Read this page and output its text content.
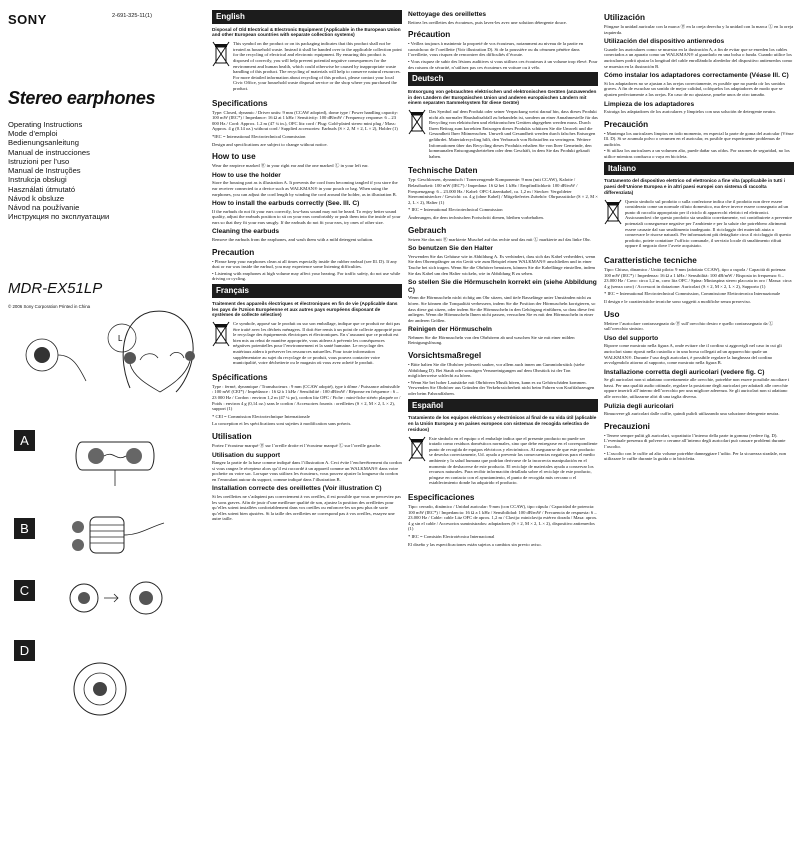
SONY
Stereo earphones
Operating Instructions
Mode d’emploi
Bedienungsanleitung
Manual de instrucciones
Istruzioni per l’uso
Manual de Instruções
Instrukcja obsługi
Használati útmutató
Návod k obsluze
Návod na používanie
Инструкция по эксплуатации
MDR-EX51LP
© 2006 Sony Corporation Printed in China
2-691-325-11(1)
L
A
B
C
D
English
Disposal of Old Electrical & Electronic Equipment (Applicable in the European Union and other European countries with separate collection systems)
This symbol on the product or on its packaging indicates that this product shall not be treated as household waste. Instead it shall be handed over to the applicable collection point for the recycling of electrical and electronic equipment. By ensuring this product is disposed of correctly, you will help prevent potential negative consequences for the environment and human health, which could otherwise be caused by inappropriate waste handling of this product. The recycling of materials will help to conserve natural resources. For more detailed information about recycling of this product, please contact your local Civic Office, your household waste disposal service or the shop where you purchased the product.
Specifications
Type: Closed, dynamic / Driver units: 9 mm (CCAW adopted), dome type / Power handling capacity: 100 mW (IEC*) / Impedance: 16 Ω at 1 kHz / Sensitivity: 100 dB/mW / Frequency response: 6 – 23 000 Hz / Cord: Approx. 1.2 m (47 ¼ in.), OFC litz cord / Plug: Gold-plated stereo mini plug / Mass: Approx. 4 g (0.14 oz.) without cord / Supplied accessories: Earbuds (S × 2, M × 2, L × 2), Holder (1)
*IEC = International Electrotechnical Commission
Design and specifications are subject to change without notice.
How to use
Wear the earpiece marked Ⓡ in your right ear and the one marked Ⓛ in your left ear.
How to use the holder
Store the housing part as is illustration A. It prevents the cord from becoming tangled if you store the ear receiver connected to a device such as WALKMAN® in your pouch or bag. When using the earphones, you can adjust the cord length by winding the cord around the holder, as in illustration B.
How to install the earbuds correctly (See. Ill. C)
If the earbuds do not fit your ears correctly, low-bass sound may not be heard. To enjoy better sound quality, adjust the earbuds position to sit on your ears comfortably or push them into the inside of your ears so that they fit your ears snugly. If the earbuds do not fit your ears, try ones of other size.
Cleaning the earbuds
Remove the earbuds from the earphones, and wash them with a mild detergent solution.
Precaution
• Please keep your earphones clean at all times especially inside the rubber earbud (see Ill. D). If any dust or ear wax inside the earbud, you may experience some listening difficulties.
• Listening with earphones at high volume may affect your hearing. For traffic safety, do not use while driving or cycling.
Français
Traitement des appareils électriques et électroniques en fin de vie (Applicable dans les pays de l’Union Européenne et aux autres pays européens disposant de systèmes de collecte sélective)
Ce symbole, apposé sur le produit ou sur son emballage, indique que ce produit ne doit pas être traité avec les déchets ménagers. Il doit être remis à un point de collecte approprié pour le recyclage des équipements électriques et électroniques. En s’assurant que ce produit est bien mis au rebut de manière appropriée, vous aiderez à prévenir les conséquences négatives potentielles pour l’environnement et la santé humaine. Le recyclage des matériaux aidera à préserver les ressources naturelles. Pour toute information supplémentaire au sujet du recyclage de ce produit, vous pouvez contacter votre municipalité, votre déchetterie ou le magasin où vous avez acheté le produit.
Spécifications
Type : fermé, dynamique / Transducteurs : 9 mm (CCAW adopté), type à dôme / Puissance admissible : 100 mW (CEI*) / Impédance : 16 Ω à 1 kHz / Sensibilité : 100 dB/mW / Réponse en fréquence : 6 – 23 000 Hz / Cordon : environ 1,2 m (47 ¼ po), cordon litz OFC / Fiche : mini-fiche stéréo plaquée or / Poids : environ 4 g (0,14 oz.) sans le cordon / Accessoires fournis : oreillettes (S × 2, M × 2, L × 2), support (1)
* CEI = Commission Electrotechnique Internationale
La conception et les spécifications sont sujettes à modification sans préavis.
Utilisation
Portez l’écouteur marqué Ⓡ sur l’oreille droite et l’écouteur marqué Ⓛ sur l’oreille gauche.
Utilisation du support
Rangez la partie de la base comme indiqué dans l’illustration A. Ceci évite l’enchevêtrement du cordon si vous rangez le récepteur alors qu’il est raccordé à un appareil comme un WALKMAN® dans votre pochette ou votre sac. Lorsque vous utilisez les écouteurs, vous pouvez ajuster la longueur du cordon en l’enroulant autour du support, comme indiqué dans l’illustration B.
Installation correcte des oreillettes (Voir illustration C)
Si les oreillettes ne s’adaptent pas correctement à vos oreilles, il est possible que vous ne perceviez pas les sons graves. Afin de jouir d’une meilleure qualité de son, ajustez la position des oreillettes pour qu’elles soient installées confortablement dans vos oreilles ou enfoncez-les un peu plus de sorte qu’elles soient bien ajustées. Si la taille des oreillettes ne correspond pas à vos oreilles, essayez une autre taille.
Nettoyage des oreillettes
Retirez les oreillettes des écouteurs, puis lavez-les avec une solution détergente douce.
Précaution
• Veillez toujours à maintenir la propreté de vos écouteurs, notamment au niveau de la partie en caoutchouc de l’oreillette (Voir illustration D). Si de la poussière ou du cérumen pénètre dans l’oreillette, vous risquez de rencontrer des difficultés d’écoute.
• Vous risquez de subir des lésions auditives si vous utilisez ces écouteurs à un volume trop élevé. Pour des raisons de sécurité, n’utilisez pas ces écouteurs en voiture ou à vélo.
Deutsch
Entsorgung von gebrauchten elektrischen und elektronischen Geräten (anzuwenden in den Ländern der Europäischen Union und anderen europäischen Ländern mit einem separaten Sammelsystem für diese Geräte)
Das Symbol auf dem Produkt oder seiner Verpackung weist darauf hin, dass dieses Produkt nicht als normaler Haushaltsabfall zu behandeln ist, sondern an einer Annahmestelle für das Recycling von elektrischen und elektronischen Geräten abgegeben werden muss. Durch Ihren Beitrag zum korrekten Entsorgen dieses Produkts schützen Sie die Umwelt und die Gesundheit Ihrer Mitmenschen. Umwelt und Gesundheit werden durch falsches Entsorgen gefährdet. Materialrecycling hilft, den Verbrauch von Rohstoffen zu verringern. Weitere Informationen über das Recycling dieses Produkts erhalten Sie von Ihrer Gemeinde, den kommunalen Entsorgungsbetrieben oder dem Geschäft, in dem Sie das Produkt gekauft haben.
Technische Daten
Typ: Geschlossen, dynamisch / Tonerzeugende Komponente: 9 mm (mit CCAW), Kalotte / Belastbarkeit: 100 mW (IEC*) / Impedanz: 16 Ω bei 1 kHz / Empfindlichkeit: 100 dB/mW / Frequenzgang: 6 – 23.000 Hz / Kabel: OFC-Litzenkabel, ca. 1,2 m / Stecker: Vergoldeter Stereoministecker / Gewicht: ca. 4 g (ohne Kabel) / Mitgeliefertes Zubehör: Ohrpassstücke (S × 2, M × 2, L × 2), Halter (1)
* IEC = International Electrotechnical Commission
Änderungen, die dem technischen Fortschritt dienen, bleiben vorbehalten.
Gebrauch
Setzen Sie das mit Ⓡ markierte Muschel auf das rechte und das mit Ⓛ markierte auf das linke Ohr.
So benutzen Sie den Halter
Verwenden Sie das Gehäuse wie in Abbildung A. Es verhindert, dass sich das Kabel verheddert, wenn Sie den Ohrempfänger an ein Gerät wie zum Beispiel einen WALKMAN® anschließen und in einer Tasche bei sich tragen. Wenn Sie die Ohrhörer benutzen, können Sie die Kabellänge einstellen, indem Sie das Kabel um den Halter wickeln, wie in Abbildung B zu sehen.
So stellen Sie die Hörmuscheln korrekt ein (siehe Abbildung C)
Wenn die Hörmuscheln nicht richtig am Ohr sitzen, sind tiefe Basselänge unter Umständen nicht zu hören. Sie können die Tonqualität verbessern, indem Sie die Position der Hörmuscheln korrigieren, so dass diese gut sitzen, oder indem Sie die Hörmuscheln in den Gehörgang einführen, so dass diese fest anliegen. Wenn die Hörmuscheln Ihnen nicht passen, versuchen Sie es mit den Hörmuscheln in einer der anderen Größen.
Reinigen der Hörmuscheln
Nehmen Sie die Hörmuscheln von den Ohrhörern ab und waschen Sie sie mit einer milden Reinigungslösung.
Vorsichtsmaßregel
• Bitte halten Sie die Ohrhörer jederzeit sauber, vor allem auch innen am Gummiohrstück (siehe Abbildung D). Bei Staub oder sonstigen Verunreinigungen auf dem Ohrstück ist der Ton möglicherweise schlecht zu hören.
• Wenn Sie bei hoher Lautstärke mit Ohrhörern Musik hören, kann es zu Gehörschäden kommen. Verwenden Sie Ohrhörer aus Gründen der Verkehrssicherheit nicht beim Fahren von Kraftfahrzeugen oder beim Fahrradfahren.
Español
Tratamiento de los equipos eléctricos y electrónicos al final de su vida útil (aplicable en la Unión Europea y en países europeos con sistemas de recogida selectiva de residuos)
Este símbolo en el equipo o el embalaje indica que el presente producto no puede ser tratado como residuos domésticos normales, sino que debe entregarse en el correspondiente punto de recogida de equipos eléctricos y electrónicos. Al asegurarse de que este producto se desecha correctamente, Ud. ayuda a prevenir las consecuencias negativas para el medio ambiente y la salud humana que podrían derivarse de la incorrecta manipulación en el momento de deshacerse de este producto. El reciclaje de materiales ayuda a conservar los recursos naturales. Para recibir información detallada sobre el reciclaje de este producto, póngase en contacto con el ayuntamiento, el punto de recogida más cercano o el establecimiento donde ha adquirido el producto.
Especificaciones
Tipo: cerrado, dinámico / Unidad auricular: 9 mm (con CCAW), tipo cúpula / Capacidad de potencia: 100 mW (IEC*) / Impedancia: 16 Ω a 1 kHz / Sensibilidad: 100 dB/mW / Frecuencia de respuesta: 6 – 23.000 Hz / Cable: cable Litz OFC de aprox. 1,2 m / Clavija: miniclavija estéreo dorada / Masa: aprox. 4 g sin el cable / Accesorios suministrados: adaptadores (S × 2, M × 2, L × 2), dispositivo antienredos (1)
* IEC = Comisión Electrotécnica Internacional
El diseño y las especificaciones están sujetos a cambios sin previo aviso.
Utilización
Póngase la unidad auricular con la marca Ⓡ en la oreja derecha y la unidad con la marca Ⓛ en la oreja izquierda.
Utilización del dispositivo antienredos
Guarde los auriculares como se muestra en la ilustración A, a fin de evitar que se enreden los cables conectados a un aparato como un WALKMAN® al guardarlo en una bolsa o funda. Cuando utilice los auriculares podrá ajustar la longitud del cable enrollándolo alrededor del dispositivo antienredos como se muestra en la ilustración B.
Cómo instalar los adaptadores correctamente (Véase Ill. C)
Si los adaptadores no se ajustan a las orejas correctamente, es posible que no pueda oír los sonidos graves. A fin de escuchar un sonido de mejor calidad, colóquelos los adaptadores de modo que se ajusten perfectamente a las orejas. En caso de no ajustarse, pruebe unos de otro tamaño.
Limpieza de los adaptadores
Extraiga los adaptadores de los auriculares y límpielos con una solución de detergente neutro.
Precaución
• Mantenga los auriculares limpios en todo momento, en especial la parte de goma del auricular (Véase Ill. D). Si se acumula polvo o cerumen en el auricular, es posible que experimente problemas de audición.
• Si utiliza los auriculares a un volumen alto, puede dañar sus oídos. Por razones de seguridad, no los utilice mientras conduzca o vaya en bicicleta.
Italiano
Trattamento del dispositivo elettrico od elettronico a fine vita (applicabile in tutti i paesi dell’Unione Europea e in altri paesi europei con sistema di raccolta differenziata)
Questo simbolo sul prodotto o sulla confezione indica che il prodotto non deve essere considerato come un normale rifiuto domestico, ma deve invece essere consegnato ad un punto di raccolta appropriato per il riciclo di apparecchi elettrici ed elettronici. Assicurandovi che questo prodotto sia smaltito correttamente, voi contribuirete a prevenire potenziali conseguenze negative per l’ambiente e per la salute che potrebbero altrimenti essere causate dal suo smaltimento inadeguato. Il riciclaggio dei materiali aiuta a conservare le risorse naturali. Per informazioni più dettagliate circa il riciclaggio di questo prodotto, potete contattare l’ufficio comunale, il servizio locale di smaltimento rifiuti oppure il negozio dove l’avete acquistato.
Caratteristiche tecniche
Tipo: Chiuso, dinamico / Unità pilota: 9 mm (adottato CCAW), tipo a cupola / Capacità di potenza: 100 mW (IEC*) / Impedenza: 16 Ω a 1 kHz / Sensibilità: 100 dB/mW / Risposta in frequenza: 6 – 23.000 Hz / Cavo: circa 1,2 m, cavo litz OFC / Spina: Miniaspina stereo placcata in oro / Massa: circa 4 g (senza cavo) / Accessori in dotazione: Auricolari (S × 2, M × 2, L × 2), Supporto (1)
* IEC = International Electrotechnical Commission, Commissione Elettrotecnica Internazionale
Il design e le caratteristiche tecniche sono soggetti a modifiche senza preavviso.
Uso
Mettere l’auricolare contrassegnato da Ⓡ sull’orecchio destro e quello contrassegnato da Ⓛ sull’orecchio sinistro.
Uso del supporto
Riporre come mostrato nella figura A, onde evitare che il cordino si aggrovigli nel caso in cui gli auricolari siano riposti nella custodia o in una borsa collegati ad un apparecchio quale un WALKMAN®. Durante l’uso degli auricolari, è possibile regolare la lunghezza del cordino avvolgendolo attorno al supporto, come mostrato nella figura B.
Installazione corretta degli auricolari (vedere fig. C)
Se gli auricolari non si adattano correttamente alle orecchie, potrebbe non essere possibile ascoltare i bassi. Per una qualità audio ottimale, regolare la posizione degli auricolari per adattarli alle orecchie oppure inserirli all’interno dell’orecchio per una migliore aderenza. Se gli auricolari non si adattano alle orecchie, utilizzarne altri di una taglia diversa.
Pulizia degli auricolari
Rimuovere gli auricolari dalle cuffie, quindi pulirli utilizzando una soluzione detergente neutra.
Precauzioni
• Tenere sempre puliti gli auricolari, soprattutto l’interno della parte in gomma (vedere fig. D). L’eventuale presenza di polvere o cerume all’interno degli auricolari può causare problemi durante l’ascolto.
• L’ascolto con le cuffie ad alto volume potrebbe danneggiare l’udito. Per la sicurezza stradale, non utilizzare le cuffie durante la guida o in bicicletta.
